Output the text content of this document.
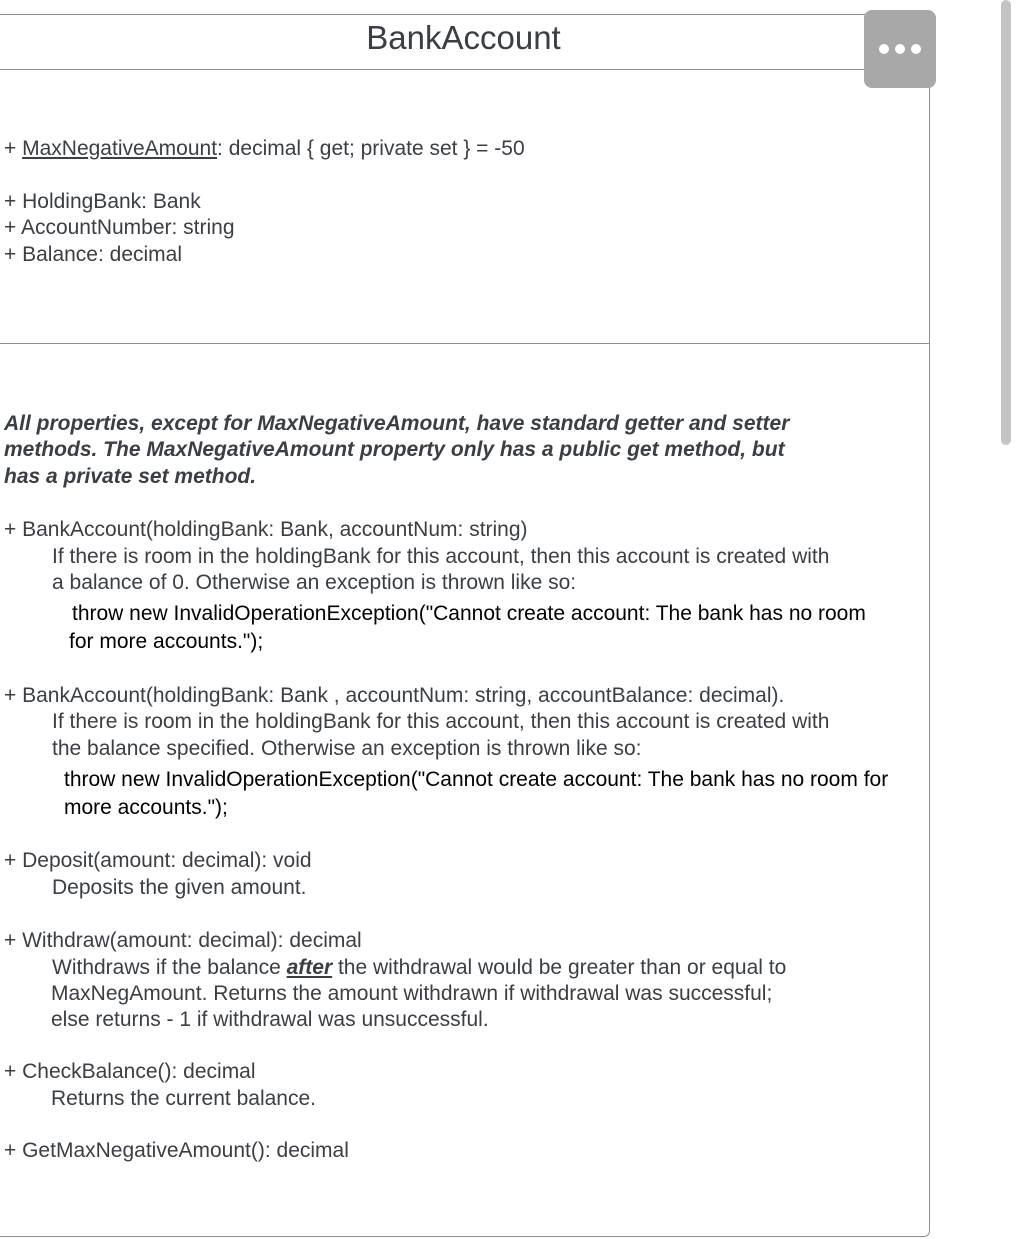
BankAccount
+ MaxNegativeAmount: decimal { get; private set } = -50
+ HoldingBank: Bank
+ AccountNumber: string
+ Balance: decimal
All properties, except for MaxNegativeAmount, have standard getter and setter
methods. The MaxNegativeAmount property only has a public get method, but
has a private set method.
+ BankAccount(holdingBank: Bank, accountNum: string)
If there is room in the holdingBank for this account, then this account is created with
a balance of 0. Otherwise an exception is thrown like so:
throw new InvalidOperationException("Cannot create account: The bank has no room
for more accounts.");
+ BankAccount(holdingBank: Bank , accountNum: string, accountBalance: decimal).
If there is room in the holdingBank for this account, then this account is created with
the balance specified. Otherwise an exception is thrown like so:
throw new InvalidOperationException("Cannot create account: The bank has no room for
more accounts.");
+ Deposit(amount: decimal): void
Deposits the given amount.
+ Withdraw(amount: decimal): decimal
Withdraws if the balance after the withdrawal would be greater than or equal to
MaxNegAmount. Returns the amount withdrawn if withdrawal was successful;
else returns - 1 if withdrawal was unsuccessful.
+ CheckBalance(): decimal
Returns the current balance.
+ GetMaxNegativeAmount(): decimal
